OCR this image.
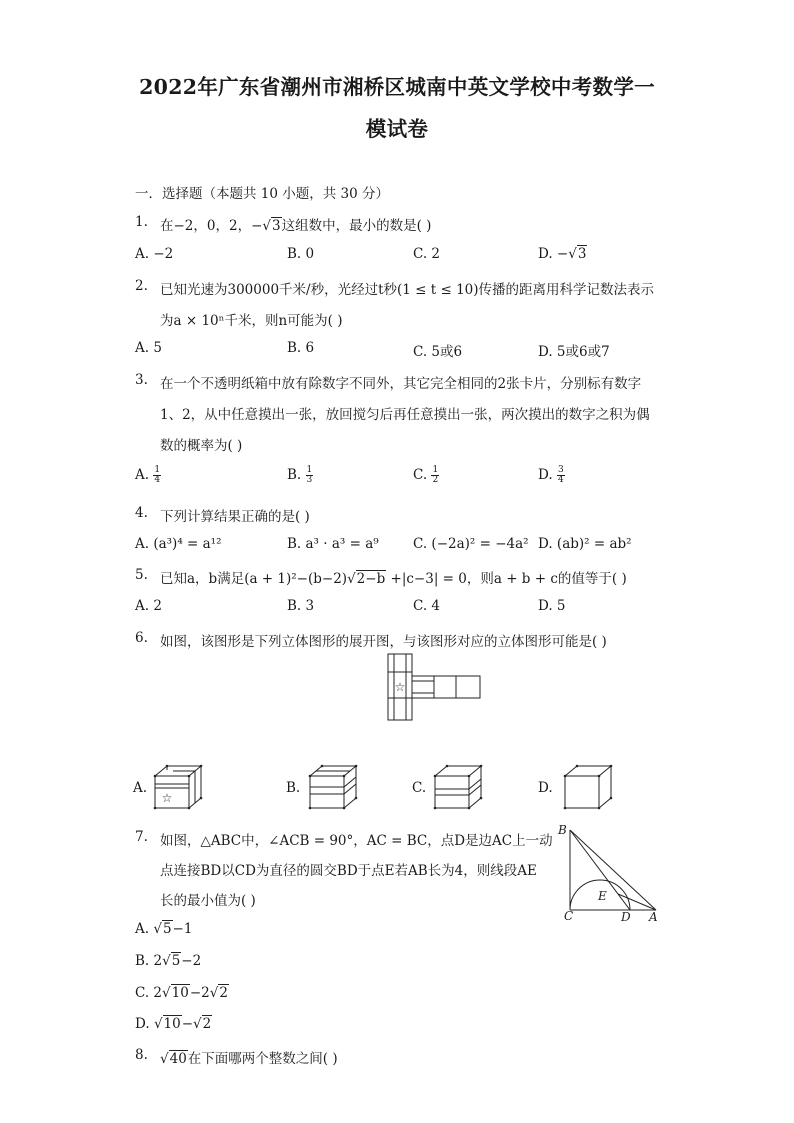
2022年广东省潮州市湘桥区城南中英文学校中考数学一
模试卷
一．选择题（本题共 10 小题，共 30 分）
1. 在−2，0，2，−√3这组数中，最小的数是( )
A. −2	B. 0	C. 2	D. −√3
2. 已知光速为300000千米/秒，光经过t秒(1 ≤ t ≤ 10)传播的距离用科学记数法表示
为a × 10ⁿ千米，则n可能为( )
A. 5	B. 6	C. 5或6	D. 5或6或7
3. 在一个不透明纸箱中放有除数字不同外，其它完全相同的2张卡片，分别标有数字
1、2，从中任意摸出一张，放回搅匀后再任意摸出一张，两次摸出的数字之积为偶
数的概率为( )
A. $\frac{1}{4}$	B. $\frac{1}{3}$	C. $\frac{1}{2}$	D. $\frac{3}{4}$
4. 下列计算结果正确的是( )
A. (a³)⁴ = a¹²	B. a³ · a³ = a⁹	C. (−2a)² = −4a² D. (ab)² = ab²
5. 已知a，b满足(a + 1)²−(b−2)√2−b +|c−3| = 0，则a + b + c的值等于( )
A. 2	B. 3	C. 4	D. 5
6. 如图，该图形是下列立体图形的展开图，与该图形对应的立体图形可能是( )
☆
A.
☆
B.	C.	D.
7. 如图，△ABC中，∠ACB = 90°，AC = BC，点D是边AC上一动
点连接BD以CD为直径的圆交BD于点E若AB长为4，则线段AE
长的最小值为( )
B
C
E
D A
A. √5−1
B. 2√5−2
C. 2√10−2√2
D. √10−√2
8. √40在下面哪两个整数之间( )
